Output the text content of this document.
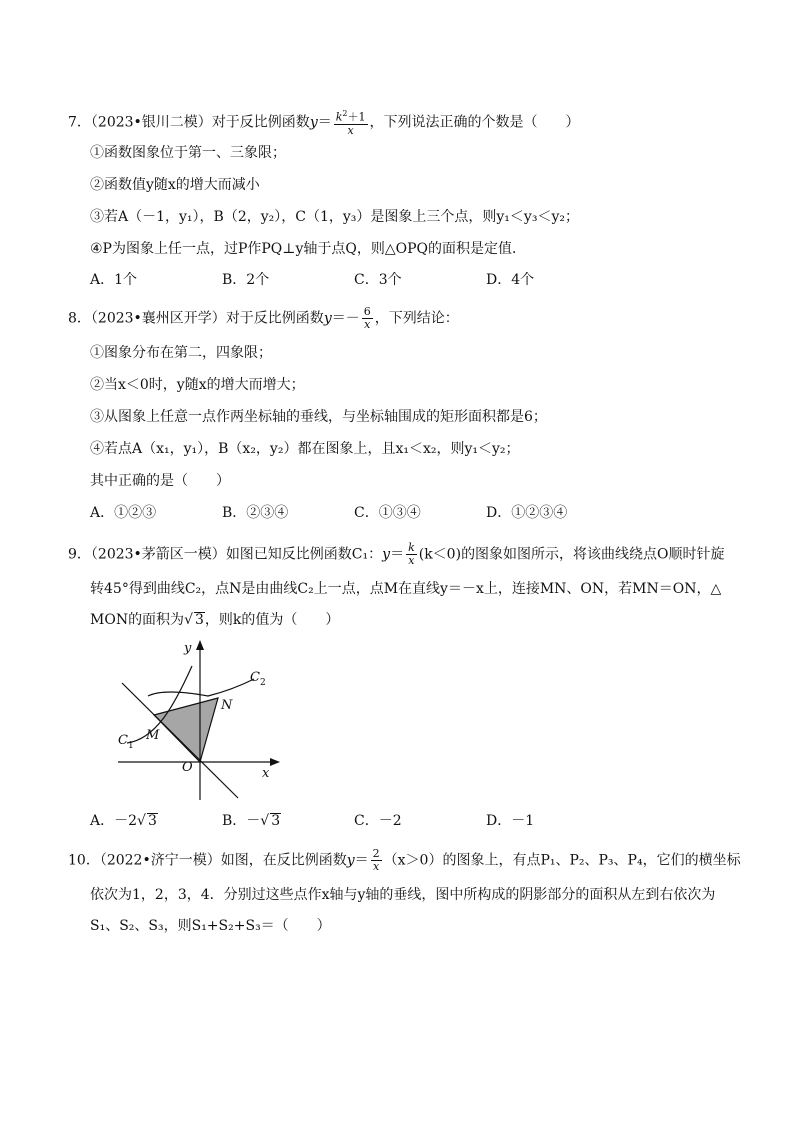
7．（2023•银川二模）对于反比例函数$y= \frac{k^2+1}{x}$ ，下列说法正确的个数是（　　）
①函数图象位于第一、三象限；
②函数值y随x的增大而减小
③若A（－1，y₁），B（2，y₂），C（1，y₃）是图象上三个点，则y₁＜y₃＜y₂；
④P为图象上任一点，过P作PQ⊥y轴于点Q，则△OPQ的面积是定值．
A．1个	B．2个	C．3个	D．4个
8．（2023•襄州区开学）对于反比例函数$y=- \frac{6}{x}$ ，下列结论：
①图象分布在第二，四象限；
②当x＜0时，y随x的增大而增大；
③从图象上任意一点作两坐标轴的垂线，与坐标轴围成的矩形面积都是6；
④若点A（x₁，y₁），B（x₂，y₂）都在图象上，且x₁＜x₂，则y₁＜y₂；
其中正确的是（　　）
A．①②③	B．②③④	C．①③④	D．①②③④
9．（2023•茅箭区一模）如图已知反比例函数C₁：$y= \frac{k}{x} (k<0)$的图象如图所示，将该曲线绕点O顺时针旋
转45°得到曲线C₂，点N是由曲线C₂上一点，点M在直线y＝－x上，连接MN、ON，若MN＝ON，△
MON的面积为√ 3，则k的值为（　　）
O	x
y
M
N
$C_1$
$C_2$
A．－2√ 3	B．－√ 3	C．－2	D．－1
10．（2022•济宁一模）如图，在反比例函数$y= \frac{2}{x} (x>0)$的图象上，有点P₁、P₂、P₃、P₄，它们的横坐标
依次为1，2，3，4．分别过这些点作x轴与y轴的垂线，图中所构成的阴影部分的面积从左到右依次为
S₁、S₂、S₃，则S₁+S₂+S₃＝（　　）
